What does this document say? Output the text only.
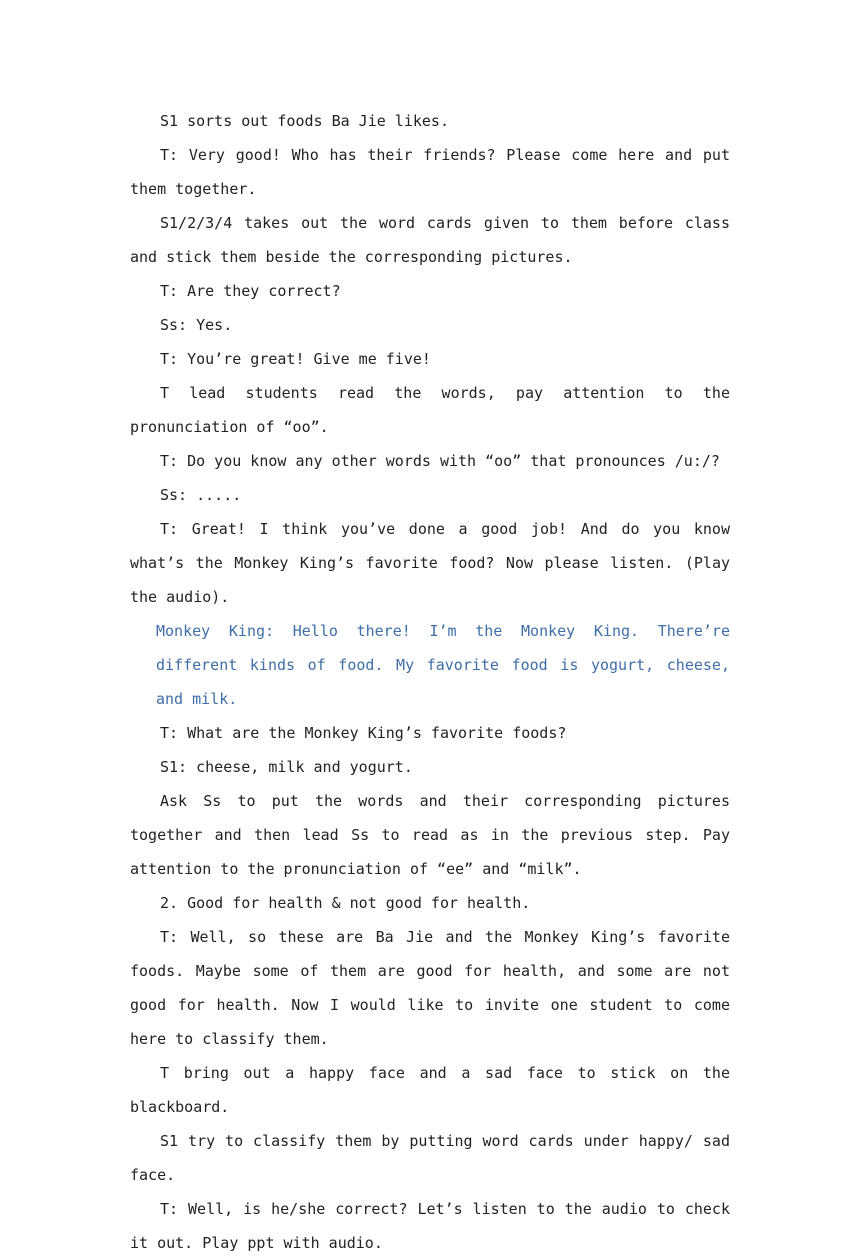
S1 sorts out foods Ba Jie likes.

T: Very good! Who has their friends? Please come here and put them together.

S1/2/3/4 takes out the word cards given to them before class and stick them beside the corresponding pictures.

T: Are they correct?

Ss: Yes.

T: You’re great! Give me five!

T lead students read the words, pay attention to the pronunciation of “oo”.

T: Do you know any other words with “oo” that pronounces /u:/?

Ss: .....

T: Great! I think you’ve done a good job! And do you know what’s the Monkey King’s favorite food? Now please listen. (Play the audio).

Monkey King: Hello there! I’m the Monkey King. There’re different kinds of food. My favorite food is yogurt, cheese, and milk.

T: What are the Monkey King’s favorite foods?

S1: cheese, milk and yogurt.

Ask Ss to put the words and their corresponding pictures together and then lead Ss to read as in the previous step. Pay attention to the pronunciation of “ee” and “milk”.

2. Good for health & not good for health.

T: Well, so these are Ba Jie and the Monkey King’s favorite foods. Maybe some of them are good for health, and some are not good for health. Now I would like to invite one student to come here to classify them.

T bring out a happy face and a sad face to stick on the blackboard.

S1 try to classify them by putting word cards under happy/ sad face.

T: Well, is he/she correct? Let’s listen to the audio to check it out. Play ppt with audio.
